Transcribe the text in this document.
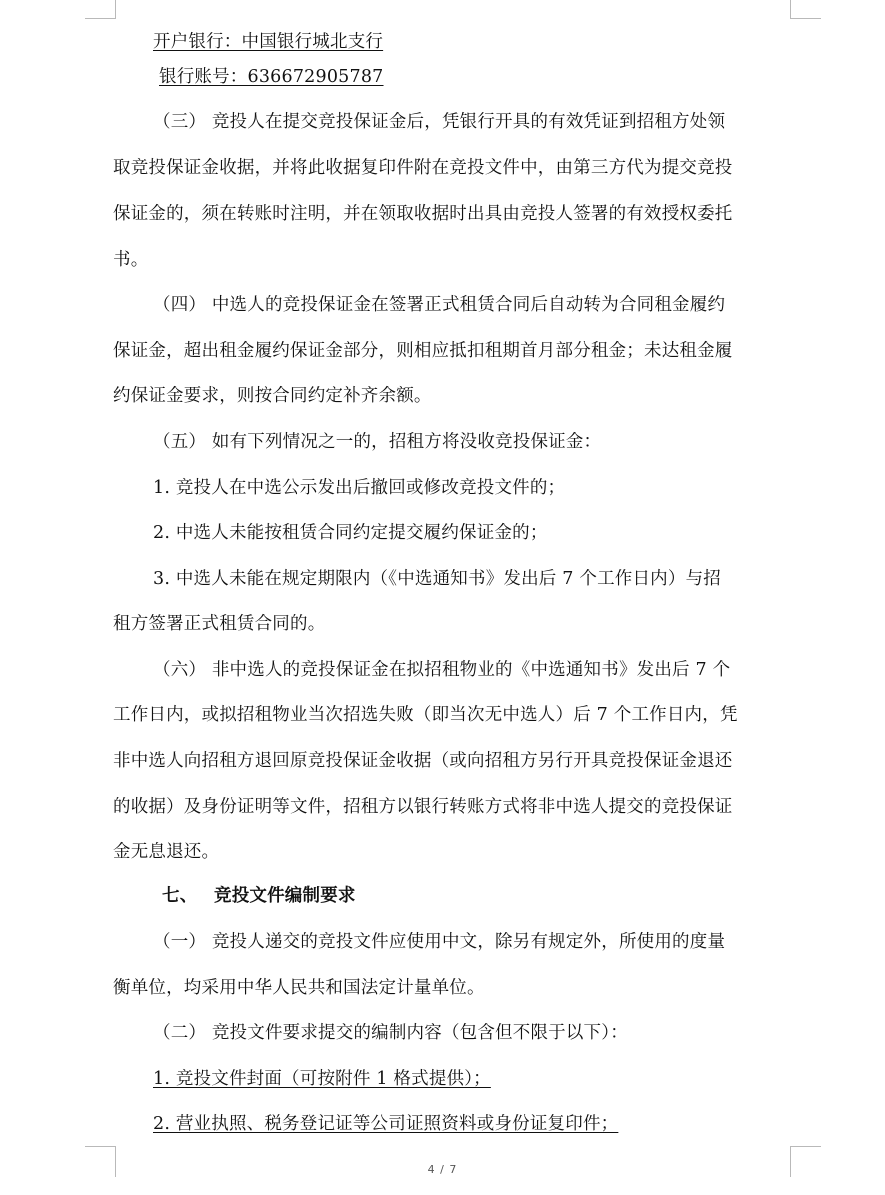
开户银行：中国银行城北支行
银行账号：636672905787
（三） 竞投人在提交竞投保证金后，凭银行开具的有效凭证到招租方处领
取竞投保证金收据，并将此收据复印件附在竞投文件中，由第三方代为提交竞投
保证金的，须在转账时注明，并在领取收据时出具由竞投人签署的有效授权委托
书。
（四） 中选人的竞投保证金在签署正式租赁合同后自动转为合同租金履约
保证金，超出租金履约保证金部分，则相应抵扣租期首月部分租金；未达租金履
约保证金要求，则按合同约定补齐余额。
（五） 如有下列情况之一的，招租方将没收竞投保证金：
1. 竞投人在中选公示发出后撤回或修改竞投文件的；
2. 中选人未能按租赁合同约定提交履约保证金的；
3. 中选人未能在规定期限内（《中选通知书》发出后 7 个工作日内）与招
租方签署正式租赁合同的。
（六） 非中选人的竞投保证金在拟招租物业的《中选通知书》发出后 7 个
工作日内，或拟招租物业当次招选失败（即当次无中选人）后 7 个工作日内，凭
非中选人向招租方退回原竞投保证金收据（或向招租方另行开具竞投保证金退还
的收据）及身份证明等文件，招租方以银行转账方式将非中选人提交的竞投保证
金无息退还。
七、 竞投文件编制要求
（一） 竞投人递交的竞投文件应使用中文，除另有规定外，所使用的度量
衡单位，均采用中华人民共和国法定计量单位。
（二） 竞投文件要求提交的编制内容（包含但不限于以下）：
1. 竞投文件封面（可按附件 1 格式提供）；
2. 营业执照、税务登记证等公司证照资料或身份证复印件；
4 / 7
